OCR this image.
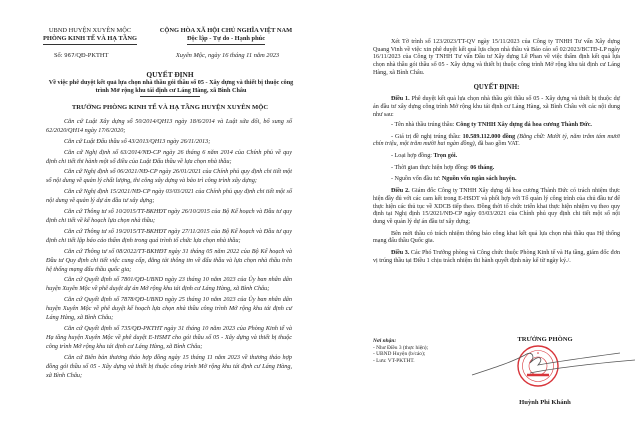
UBND HUYỆN XUYÊN MỘC
PHÒNG KINH TẾ VÀ HẠ TẦNG
CỘNG HÒA XÃ HỘI CHỦ NGHĨA VIỆT NAM
Độc lập - Tự do - Hạnh phúc
Số: 967/QĐ-PKTHT	Xuyên Mộc, ngày 16 tháng 11 năm 2023
QUYẾT ĐỊNH
Về việc phê duyệt kết quả lựa chọn nhà thầu gói thầu số 05 - Xây dựng và thiết bị thuộc công trình Mở rộng khu tái định cư Láng Hàng, xã Bình Châu
TRƯỞNG PHÒNG KINH TẾ VÀ HẠ TẦNG HUYỆN XUYÊN MỘC

Căn cứ Luật Xây dựng số 50/2014/QH13 ngày 18/6/2014 và Luật sửa đổi, bổ sung số 62/2020/QH14 ngày 17/6/2020;

Căn cứ Luật Đấu thầu số 43/2013/QH13 ngày 26/11/2013;

Căn cứ Nghị định số 63/2014/NĐ-CP ngày 26 tháng 6 năm 2014 của Chính phủ về quy định chi tiết thi hành một số điều của Luật Đấu thầu về lựa chọn nhà thầu;

Căn cứ Nghị định số 06/2021/NĐ-CP ngày 26/01/2021 của Chính phủ quy định chi tiết một số nội dung về quản lý chất lượng, thi công xây dựng và bảo trì công trình xây dựng;

Căn cứ Nghị định 15/2021/NĐ-CP ngày 03/03/2021 của Chính phủ quy định chi tiết một số nội dung về quản lý dự án đầu tư xây dựng;

Căn cứ Thông tư số 10/2015/TT-BKHĐT ngày 26/10/2015 của Bộ Kế hoạch và Đầu tư quy định chi tiết về kế hoạch lựa chọn nhà thầu;

Căn cứ Thông tư số 19/2015/TT-BKHĐT ngày 27/11/2015 của Bộ Kế hoạch và Đầu tư quy định chi tiết lập báo cáo thẩm định trong quá trình tổ chức lựa chọn nhà thầu;

Căn cứ Thông tư số 08/2022/TT-BKHĐT ngày 31 tháng 05 năm 2022 của Bộ Kế hoạch và Đầu tư Quy định chi tiết việc cung cấp, đăng tải thông tin về đấu thầu và lựa chọn nhà thầu trên hệ thống mạng đấu thầu quốc gia;

Căn cứ Quyết định số 7801/QĐ-UBND ngày 23 tháng 10 năm 2023 của Ủy ban nhân dân huyện Xuyên Mộc về phê duyệt dự án Mở rộng khu tái định cư Láng Hàng, xã Bình Châu;

Căn cứ Quyết định số 7878/QĐ-UBND ngày 25 tháng 10 năm 2023 của Ủy ban nhân dân huyện Xuyên Mộc về phê duyệt kế hoạch lựa chọn nhà thầu công trình Mở rộng khu tái định cư Láng Hàng, xã Bình Châu;

Căn cứ Quyết định số 735/QĐ-PKTHT ngày 31 tháng 10 năm 2023 của Phòng Kinh tế và Hạ tầng huyện Xuyên Mộc về phê duyệt E-HSMT cho gói thầu số 05 - Xây dựng và thiết bị thuộc công trình Mở rộng khu tái định cư Láng Hàng, xã Bình Châu;

Căn cứ Biên bản thương thảo hợp đồng ngày 15 tháng 11 năm 2023 về thương thảo hợp đồng gói thầu số 05 - Xây dựng và thiết bị thuộc công trình Mở rộng khu tái định cư Láng Hàng, xã Bình Châu;

Xét Tờ trình số 123/2023/TT-QV ngày 15/11/2023 của Công ty TNHH Tư vấn Xây dựng Quang Vinh về việc xin phê duyệt kết quả lựa chọn nhà thầu và Báo cáo số 02/2023/BCTĐ-LP ngày 16/11/2023 của Công ty TNHH Tư vấn Đầu tư Xây dựng Lê Phan về việc thẩm định kết quả lựa chọn nhà thầu gói thầu số 05 - Xây dựng và thiết bị thuộc công trình Mở rộng khu tái định cư Láng Hàng, xã Bình Châu.

QUYẾT ĐỊNH:

Điều 1. Phê duyệt kết quả lựa chọn nhà thầu gói thầu số 05 - Xây dựng và thiết bị thuộc dự án đầu tư xây dựng công trình Mở rộng khu tái định cư Láng Hàng, xã Bình Châu với các nội dung như sau:

- Tên nhà thầu trúng thầu: Công ty TNHH Xây dựng đá hoa cương Thành Đức.

- Giá trị đề nghị trúng thầu: 10.589.112.000 đồng (Bằng chữ: Mười tỷ, năm trăm tám mươi chín triệu, một trăm mười hai ngàn đồng), đã bao gồm VAT.

- Loại hợp đồng: Trọn gói.

- Thời gian thực hiện hợp đồng: 06 tháng.

- Nguồn vốn đầu tư: Nguồn vốn ngân sách huyện.

Điều 2. Giám đốc Công ty TNHH Xây dựng đá hoa cương Thành Đức có trách nhiệm thực hiện đầy đủ với các cam kết trong E-HSDT và phối hợp với Tổ quản lý công trình của chủ đầu tư để thực hiện các thủ tục về XDCB tiếp theo. Đồng thời tổ chức triển khai thực hiện nhiệm vụ theo quy định tại Nghị định 15/2021/NĐ-CP ngày 03/03/2021 của Chính phủ quy định chi tiết một số nội dung về quản lý dự án đầu tư xây dựng;

Bên mời thầu có trách nhiệm thông báo công khai kết quả lựa chọn nhà thầu qua Hệ thống mạng đấu thầu Quốc gia.

Điều 3. Các Phó Trưởng phòng và Công chức thuộc Phòng Kinh tế và Hạ tầng, giám đốc đơn vị trúng thầu tại Điều 1 chịu trách nhiệm thi hành quyết định này kể từ ngày ký./.

Nơi nhận:
- Như Điều 3 (thực hiện);
- UBND Huyện (b/cáo);
- Lưu: VT-PKTHT.
TRƯỞNG PHÒNG
Huỳnh Phi Khánh
